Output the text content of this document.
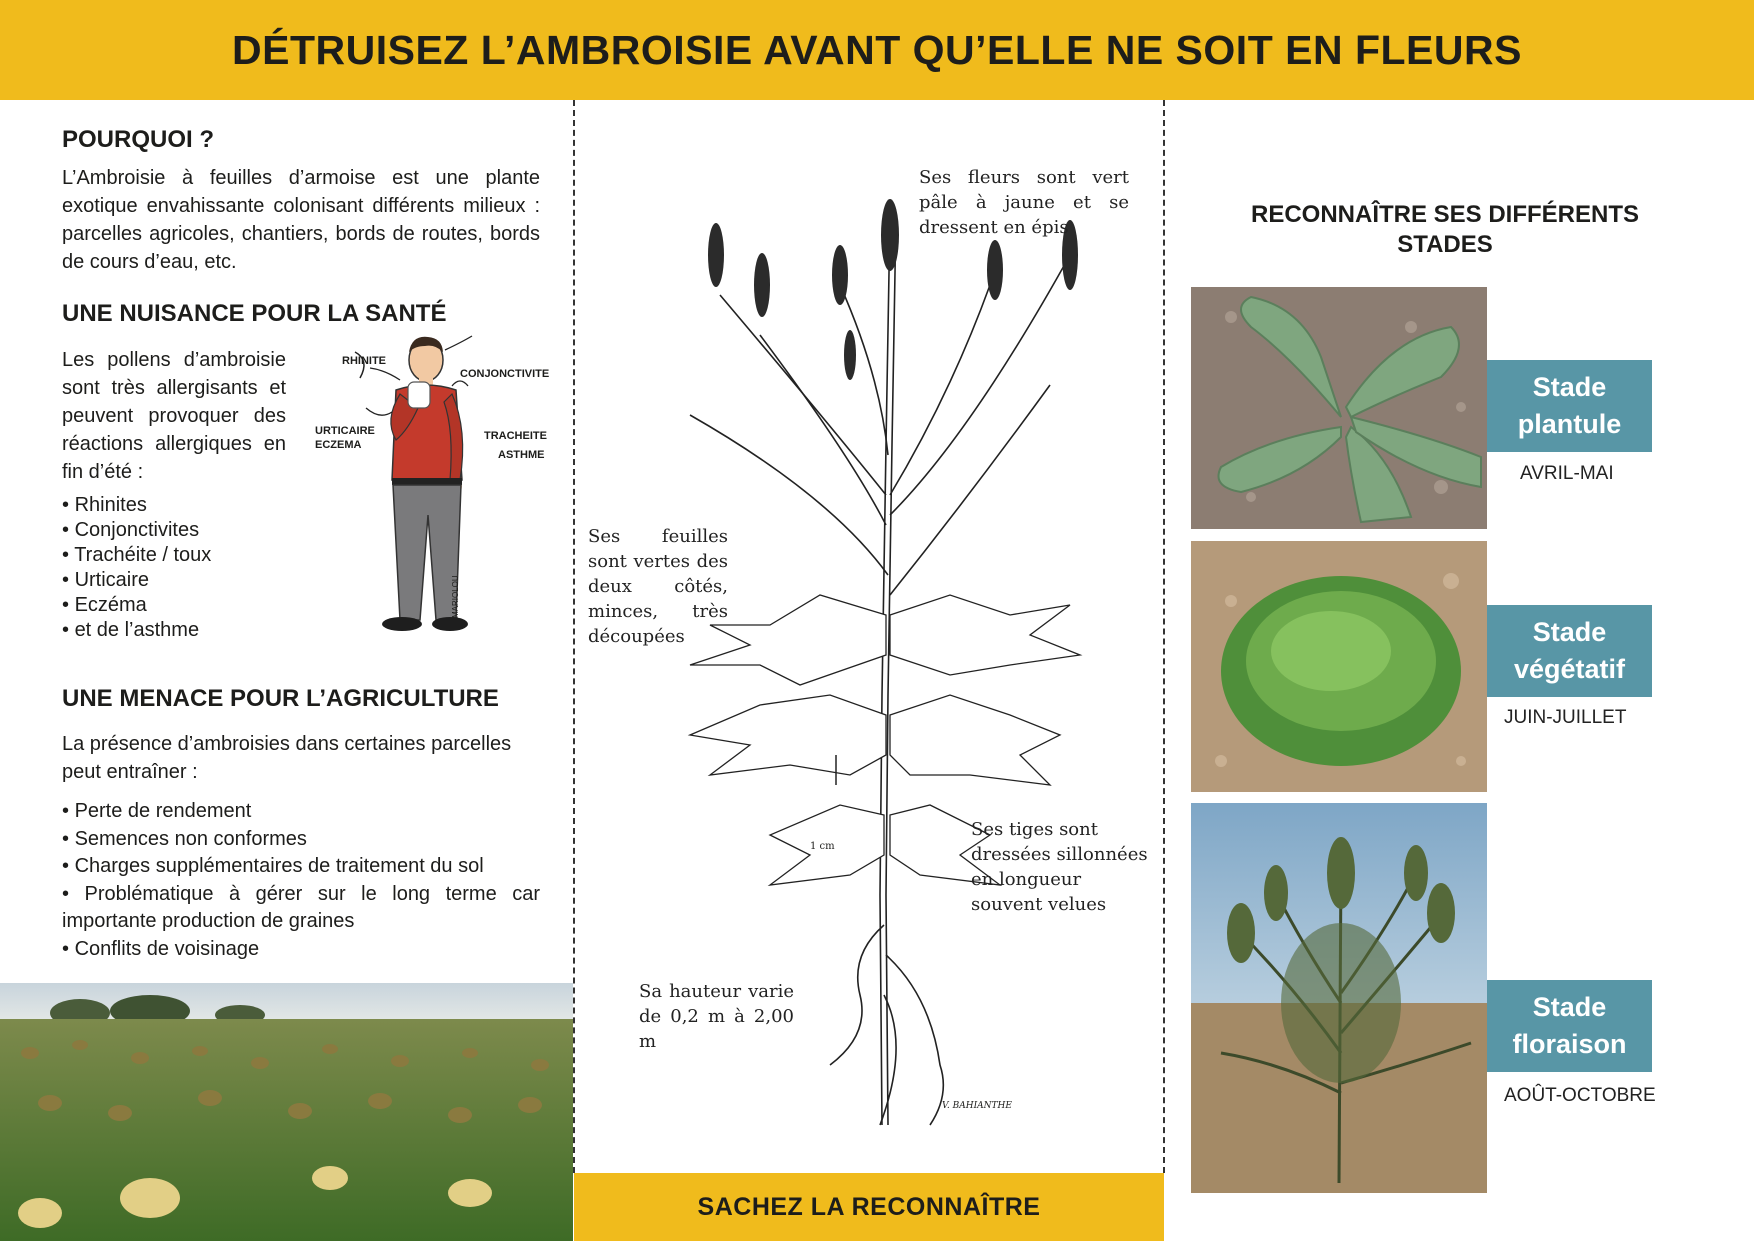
DÉTRUISEZ L’AMBROISIE AVANT QU’ELLE NE SOIT EN FLEURS
POURQUOI ?

L’Ambroisie à feuilles d’armoise est une plante exotique envahissante colonisant différents milieux : parcelles agricoles, chantiers, bords de routes, bords de cours d’eau, etc.

UNE NUISANCE POUR LA SANTÉ

Les pollens d’ambroisie sont très allergisants et peuvent provoquer des réactions allergiques en fin d’été :

• Rhinites
• Conjonctivites
• Trachéite / toux
• Urticaire
• Eczéma
• et de l’asthme
RHINITE
CONJONCTIVITE
URTICAIRE
ECZEMA
TRACHEITE
ASTHME
MARIOLOU
UNE MENACE POUR L’AGRICULTURE

La présence d’ambroisies dans certaines parcelles peut entraîner :

• Perte de rendement
• Semences non conformes
• Charges supplémentaires de traitement du sol
• Problématique à gérer sur le long terme car importante production de graines
• Conflits de voisinage
1 cm
V. BAHIANTHE
Ses fleurs sont vert pâle à jaune et se dressent en épis
Ses feuilles sont vertes des deux côtés, minces, très découpées
Ses tiges sont dressées sillonnées en longueur souvent velues
Sa hauteur varie de 0,2 m à 2,00 m
SACHEZ LA RECONNAÎTRE
RECONNAÎTRE SES DIFFÉRENTS
STADES
Stade
plantule
AVRIL-MAI
Stade
végétatif
JUIN-JUILLET
Stade
floraison
AOÛT-OCTOBRE
